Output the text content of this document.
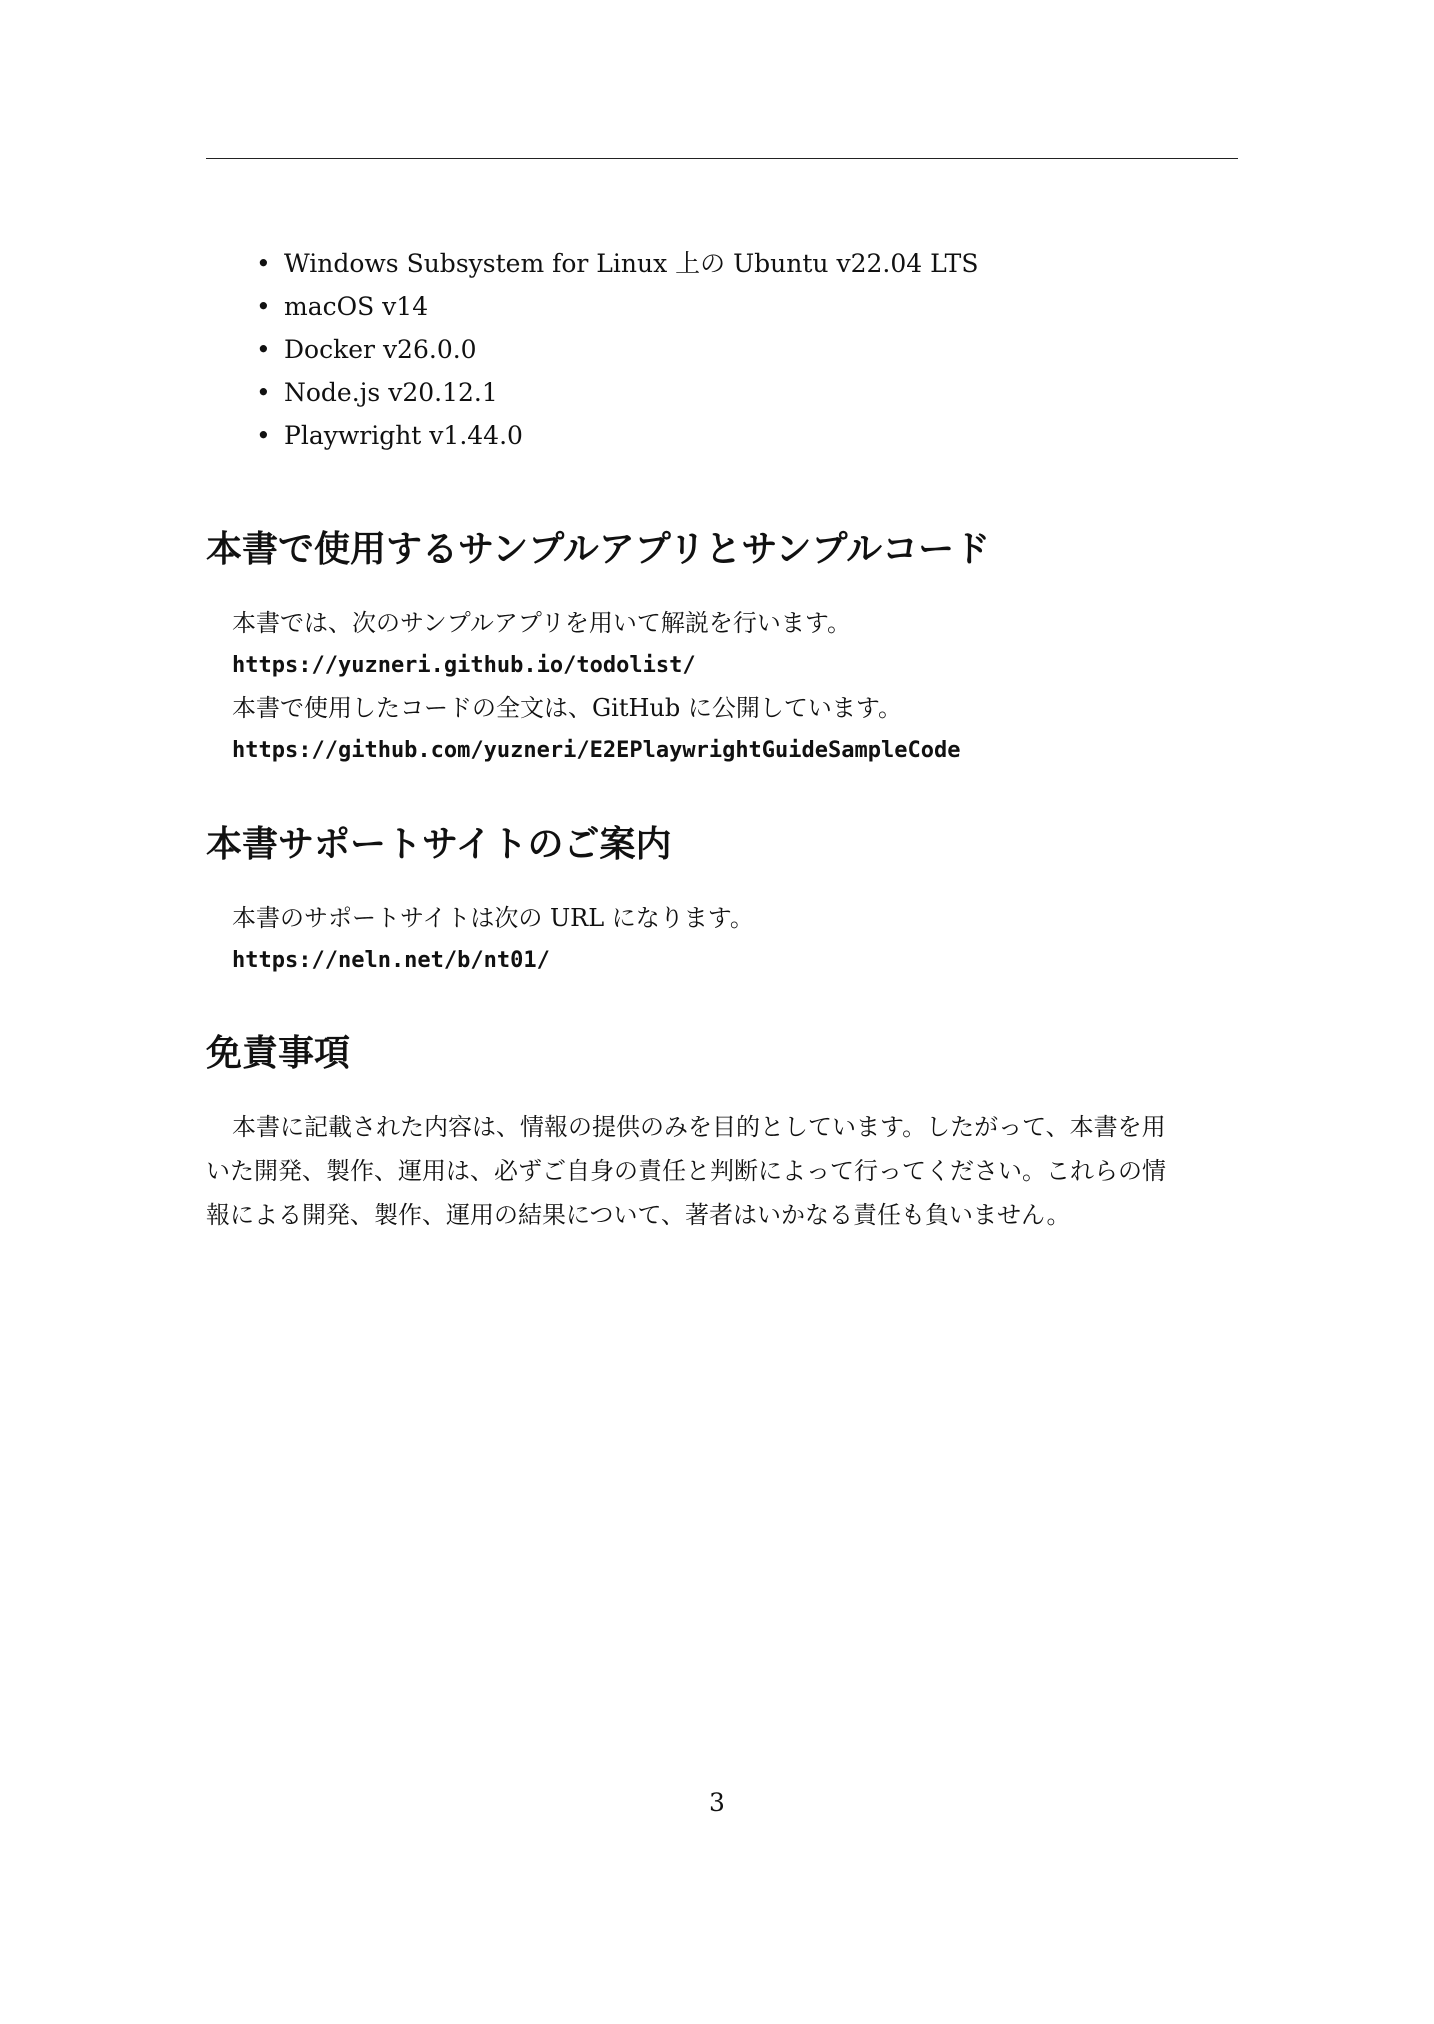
• Windows Subsystem for Linux 上の Ubuntu v22.04 LTS
• macOS v14
• Docker v26.0.0
• Node.js v20.12.1
• Playwright v1.44.0
本書で使用するサンプルアプリとサンプルコード

本書では、次のサンプルアプリを用いて解説を行います。

https://yuzneri.github.io/todolist/

本書で使用したコードの全文は、GitHub に公開しています。

https://github.com/yuzneri/E2EPlaywrightGuideSampleCode

本書サポートサイトのご案内

本書のサポートサイトは次の URL になります。

https://neln.net/b/nt01/

免責事項
本書に記載された内容は、情報の提供のみを目的としています。したがって、本書を用
いた開発、製作、運用は、必ずご自身の責任と判断によって行ってください。これらの情
報による開発、製作、運用の結果について、著者はいかなる責任も負いません。
3
